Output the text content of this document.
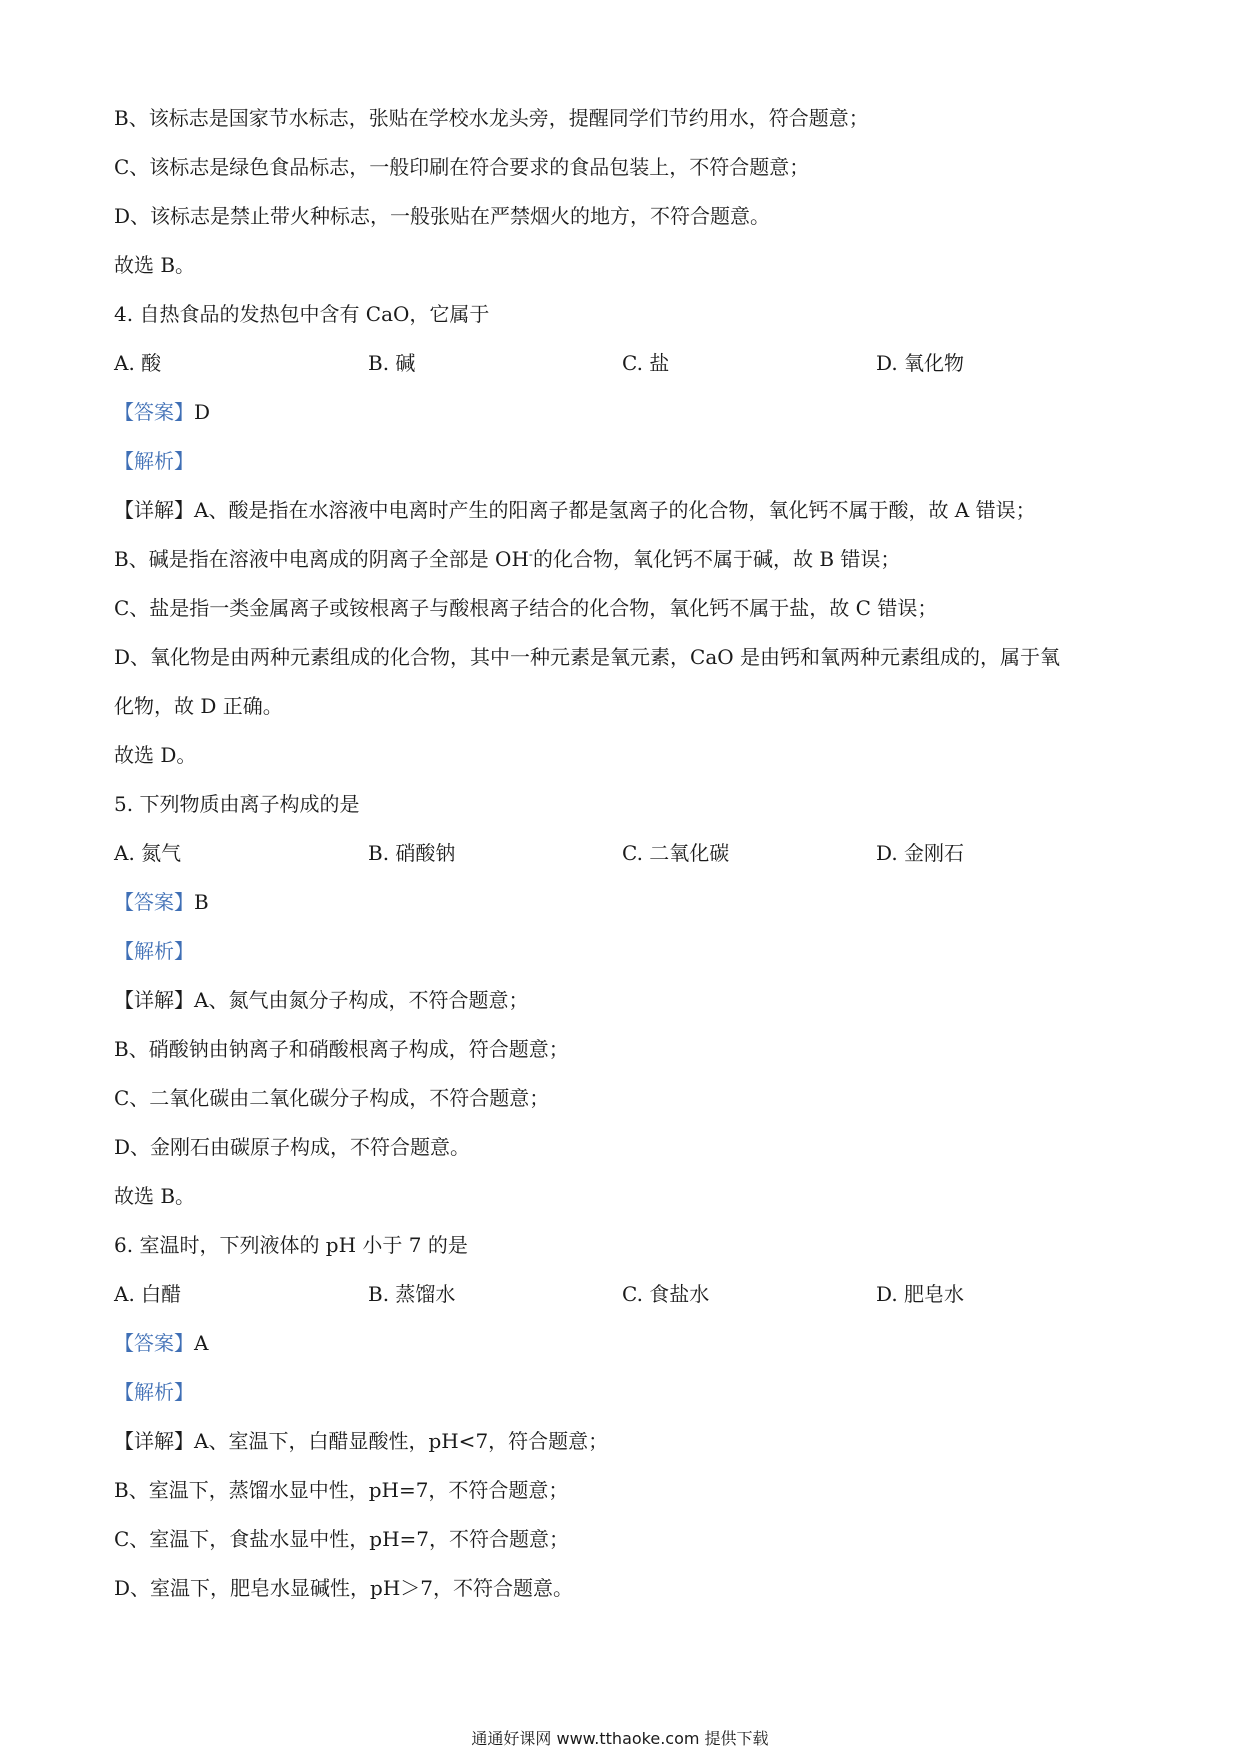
B、该标志是国家节水标志，张贴在学校水龙头旁，提醒同学们节约用水，符合题意；
C、该标志是绿色食品标志，一般印刷在符合要求的食品包装上，不符合题意；
D、该标志是禁止带火种标志，一般张贴在严禁烟火的地方，不符合题意。
故选 B。
4. 自热食品的发热包中含有 CaO，它属于
A. 酸	B. 碱	C. 盐	D. 氧化物
【答案】D
【解析】
【详解】A、酸是指在水溶液中电离时产生的阳离子都是氢离子的化合物，氧化钙不属于酸，故 A 错误；
B、碱是指在溶液中电离成的阴离子全部是 OH-的化合物，氧化钙不属于碱，故 B 错误；
C、盐是指一类金属离子或铵根离子与酸根离子结合的化合物，氧化钙不属于盐，故 C 错误；
D、氧化物是由两种元素组成的化合物，其中一种元素是氧元素，CaO 是由钙和氧两种元素组成的，属于氧
化物，故 D 正确。
故选 D。
5. 下列物质由离子构成的是
A. 氮气	B. 硝酸钠	C. 二氧化碳	D. 金刚石
【答案】B
【解析】
【详解】A、氮气由氮分子构成，不符合题意；
B、硝酸钠由钠离子和硝酸根离子构成，符合题意；
C、二氧化碳由二氧化碳分子构成，不符合题意；
D、金刚石由碳原子构成，不符合题意。
故选 B。
6. 室温时，下列液体的 pH 小于 7 的是
A. 白醋	B. 蒸馏水	C. 食盐水	D. 肥皂水
【答案】A
【解析】
【详解】A、室温下，白醋显酸性，pH<7，符合题意；
B、室温下，蒸馏水显中性，pH=7，不符合题意；
C、室温下，食盐水显中性，pH=7，不符合题意；
D、室温下，肥皂水显碱性，pH＞7，不符合题意。
通通好课网 www.tthaoke.com 提供下载
